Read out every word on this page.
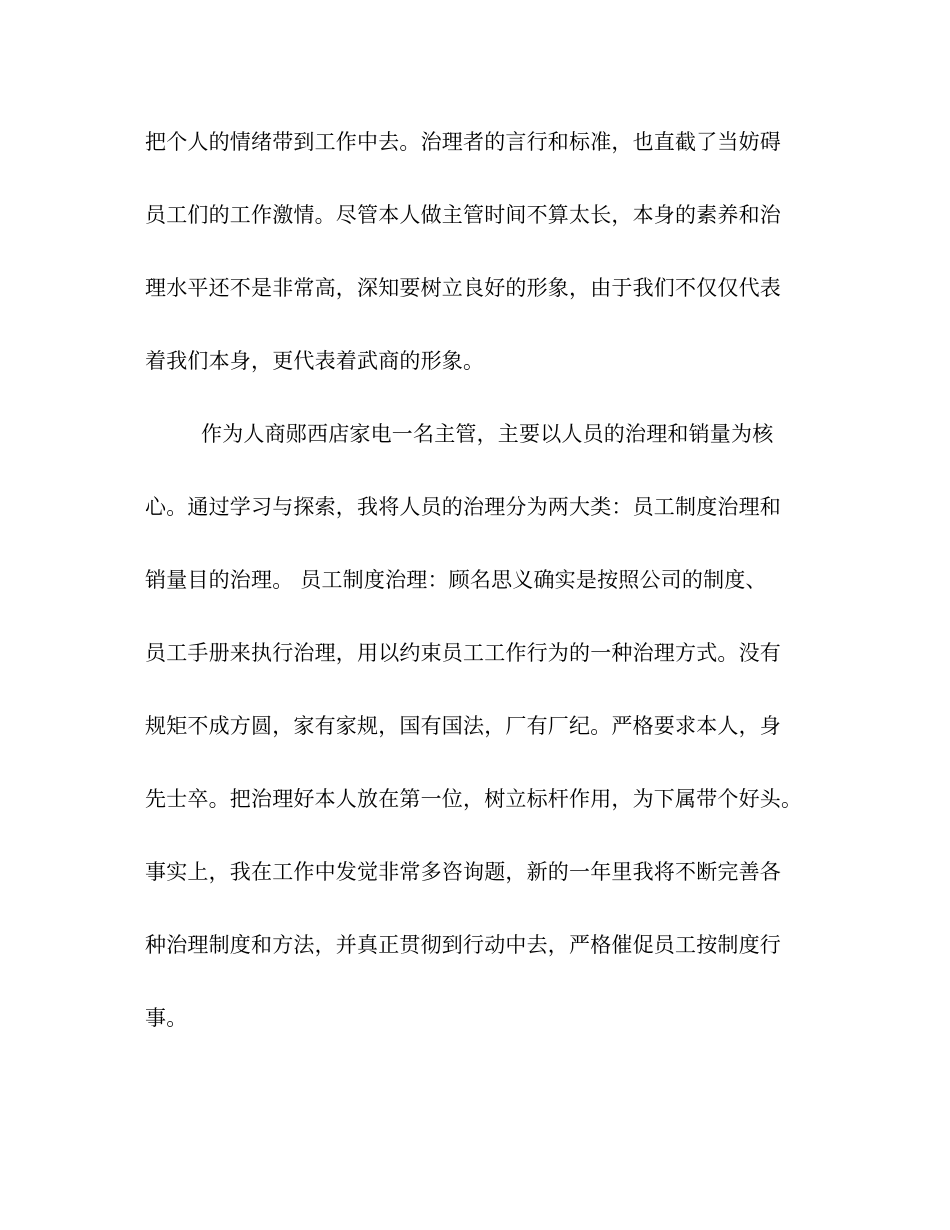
把个人的情绪带到工作中去。治理者的言行和标准，也直截了当妨碍
员工们的工作激情。尽管本人做主管时间不算太长，本身的素养和治
理水平还不是非常高，深知要树立良好的形象，由于我们不仅仅代表
着我们本身，更代表着武商的形象。
作为人商郧西店家电一名主管，主要以人员的治理和销量为核
心。通过学习与探索，我将人员的治理分为两大类：员工制度治理和
销量目的治理。 员工制度治理：顾名思义确实是按照公司的制度、
员工手册来执行治理，用以约束员工工作行为的一种治理方式。没有
规矩不成方圆，家有家规，国有国法，厂有厂纪。严格要求本人，身
先士卒。把治理好本人放在第一位，树立标杆作用，为下属带个好头。
事实上，我在工作中发觉非常多咨询题，新的一年里我将不断完善各
种治理制度和方法，并真正贯彻到行动中去，严格催促员工按制度行
事。
